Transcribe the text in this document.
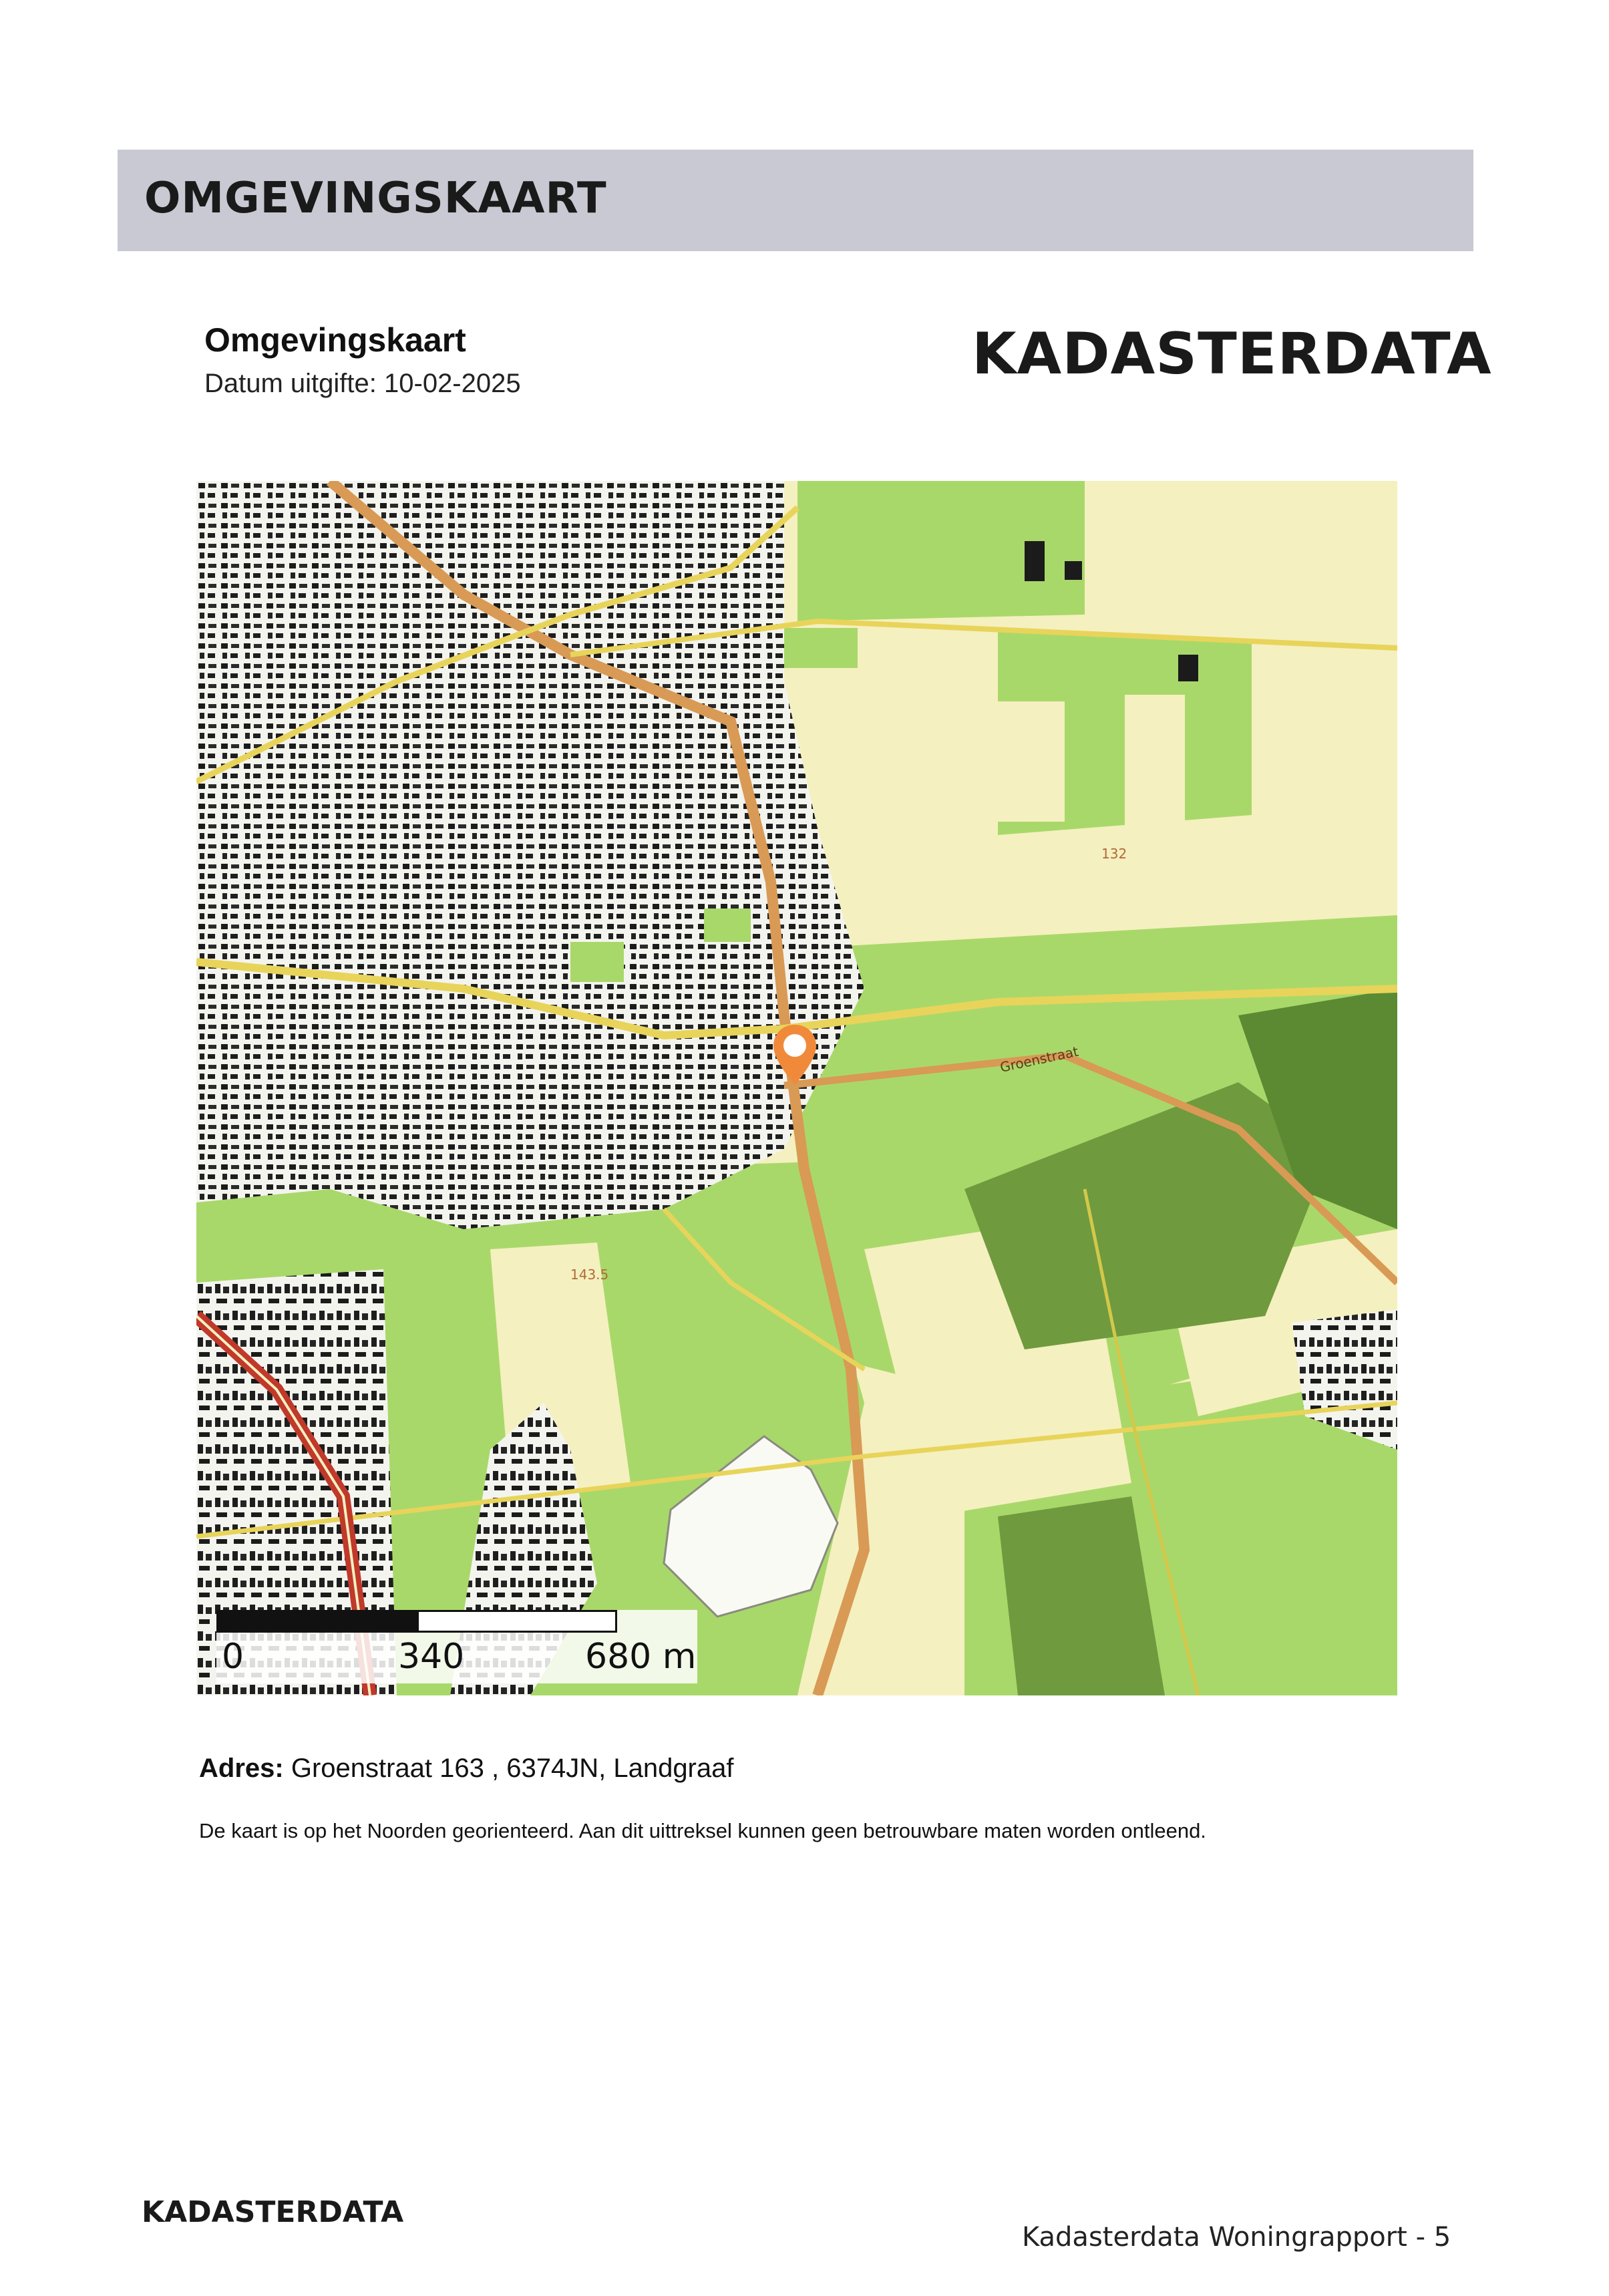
OMGEVINGSKAART
Omgevingskaart
Datum uitgifte: 10-02-2025	KADASTERDATA
132
143.5
Groenstraat
0	340	680 m
Adres: Groenstraat 163 , 6374JN, Landgraaf
De kaart is op het Noorden georienteerd. Aan dit uittreksel kunnen geen betrouwbare maten worden ontleend.
KADASTERDATA
Kadasterdata Woningrapport - 5
